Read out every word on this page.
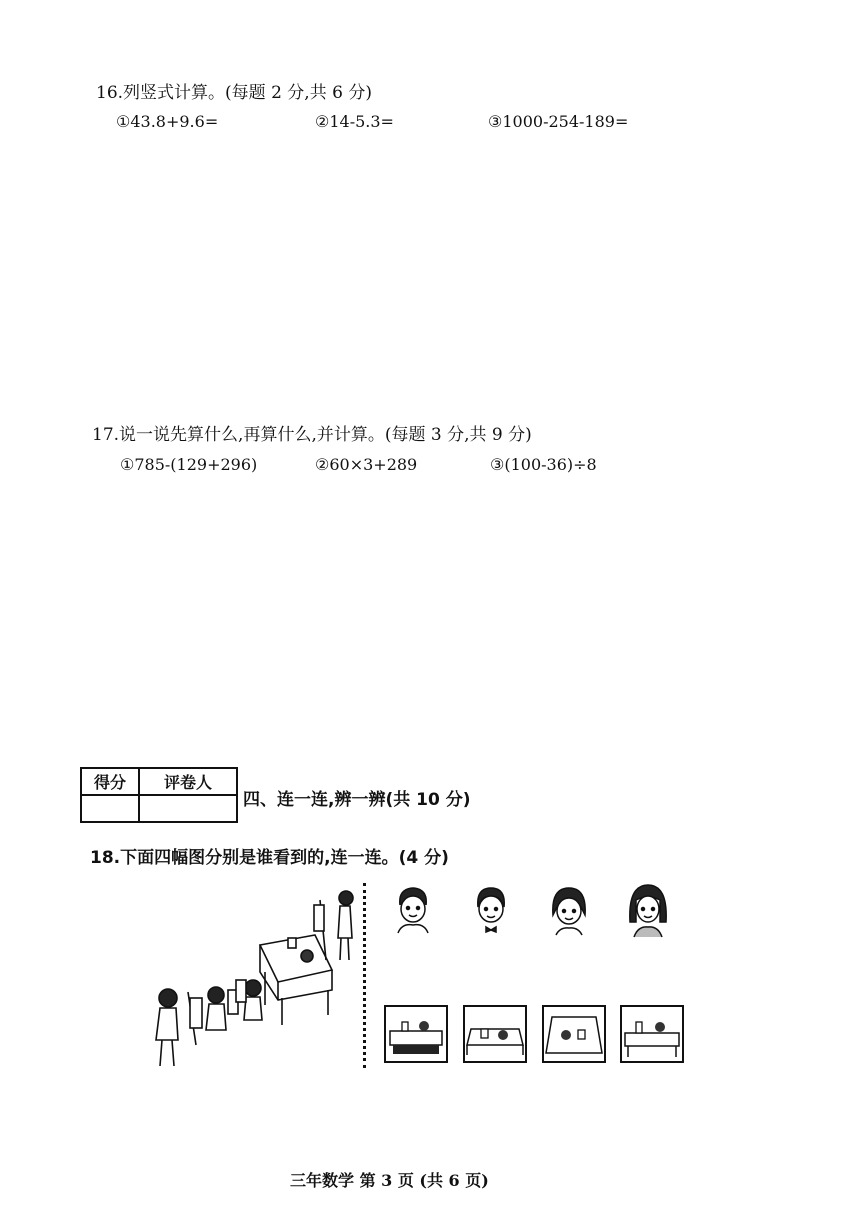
16.列竖式计算。(每题 2 分,共 6 分)
①43.8+9.6=	②14-5.3=	③1000-254-189=
17.说一说先算什么,再算什么,并计算。(每题 3 分,共 9 分)
①785-(129+296)	②60×3+289	③(100-36)÷8
得分	评卷人

四、连一连,辨一辨(共 10 分)
18.下面四幅图分别是谁看到的,连一连。(4 分)
三年数学 第 3 页 (共 6 页)
